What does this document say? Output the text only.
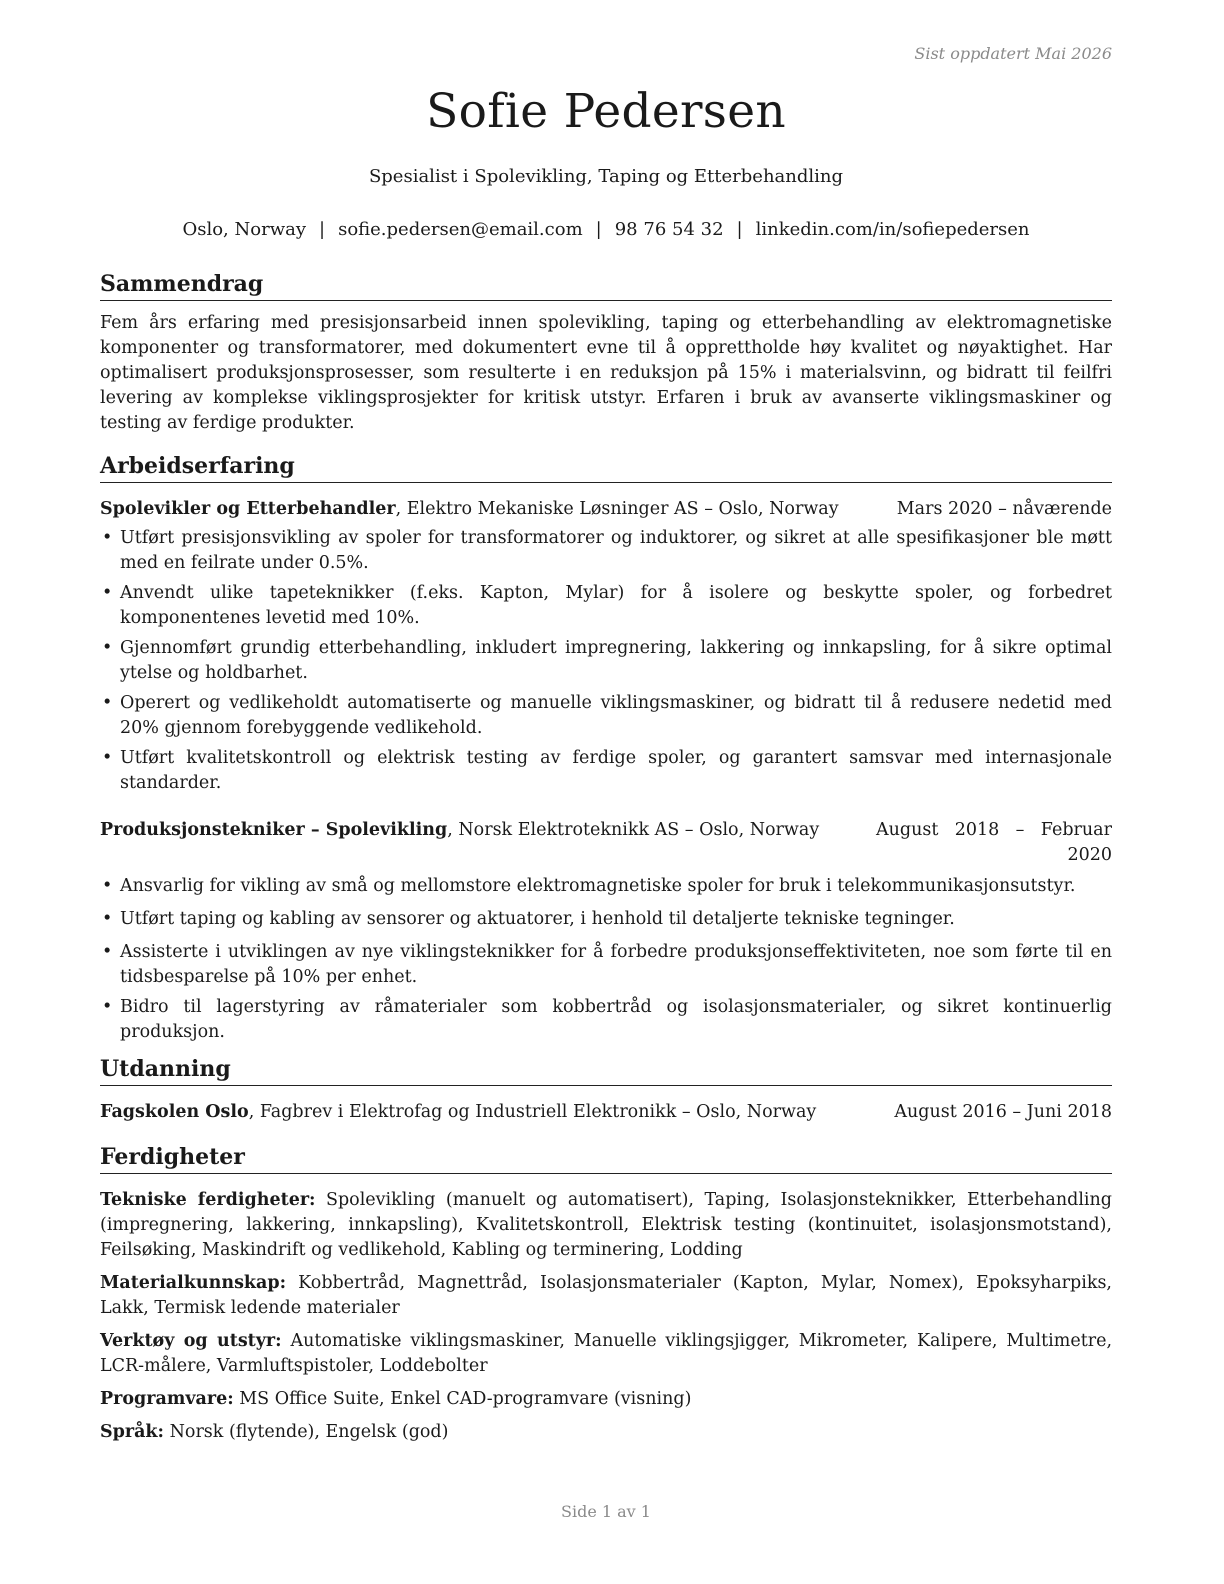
Sist oppdatert Mai 2026
Sofie Pedersen
Spesialist i Spolevikling, Taping og Etterbehandling
Oslo, Norway | sofie.pedersen@email.com | 98 76 54 32 | linkedin.com/in/sofiepedersen
Sammendrag

Fem års erfaring med presisjonsarbeid innen spolevikling, taping og etterbehandling av elektromagnetiske komponenter og transformatorer, med dokumentert evne til å opprettholde høy kvalitet og nøyaktighet. Har optimalisert produksjonsprosesser, som resulterte i en reduksjon på 15% i materialsvinn, og bidratt til feilfri levering av komplekse viklingsprosjekter for kritisk utstyr. Erfaren i bruk av avanserte viklingsmaskiner og testing av ferdige produkter.

Arbeidserfaring
Spolevikler og Etterbehandler, Elektro Mekaniske Løsninger AS – Oslo, Norway	Mars 2020 – nåværende
• Utført presisjonsvikling av spoler for transformatorer og induktorer, og sikret at alle spesifikasjoner ble møtt med en feilrate under 0.5%.
• Anvendt ulike tapeteknikker (f.eks. Kapton, Mylar) for å isolere og beskytte spoler, og forbedret komponentenes levetid med 10%.
• Gjennomført grundig etterbehandling, inkludert impregnering, lakkering og innkapsling, for å sikre optimal ytelse og holdbarhet.
• Operert og vedlikeholdt automatiserte og manuelle viklingsmaskiner, og bidratt til å redusere nedetid med 20% gjennom forebyggende vedlikehold.
• Utført kvalitetskontroll og elektrisk testing av ferdige spoler, og garantert samsvar med internasjonale standarder.
Produksjonstekniker – Spolevikling, Norsk Elektroteknikk AS – Oslo, Norway	August 2018 – Februar 2020
• Ansvarlig for vikling av små og mellomstore elektromagnetiske spoler for bruk i telekommunikasjonsutstyr.
• Utført taping og kabling av sensorer og aktuatorer, i henhold til detaljerte tekniske tegninger.
• Assisterte i utviklingen av nye viklingsteknikker for å forbedre produksjonseffektiviteten, noe som førte til en tidsbesparelse på 10% per enhet.
• Bidro til lagerstyring av råmaterialer som kobbertråd og isolasjonsmaterialer, og sikret kontinuerlig produksjon.
Utdanning
Fagskolen Oslo, Fagbrev i Elektrofag og Industriell Elektronikk – Oslo, Norway	August 2016 – Juni 2018
Ferdigheter

Tekniske ferdigheter: Spolevikling (manuelt og automatisert), Taping, Isolasjonsteknikker, Etterbehandling (impregnering, lakkering, innkapsling), Kvalitetskontroll, Elektrisk testing (kontinuitet, isolasjonsmotstand), Feilsøking, Maskindrift og vedlikehold, Kabling og terminering, Lodding

Materialkunnskap: Kobbertråd, Magnettråd, Isolasjonsmaterialer (Kapton, Mylar, Nomex), Epoksyharpiks, Lakk, Termisk ledende materialer

Verktøy og utstyr: Automatiske viklingsmaskiner, Manuelle viklingsjigger, Mikrometer, Kalipere, Multimetre, LCR-målere, Varmluftspistoler, Loddebolter

Programvare: MS Office Suite, Enkel CAD-programvare (visning)

Språk: Norsk (flytende), Engelsk (god)

Side 1 av 1
